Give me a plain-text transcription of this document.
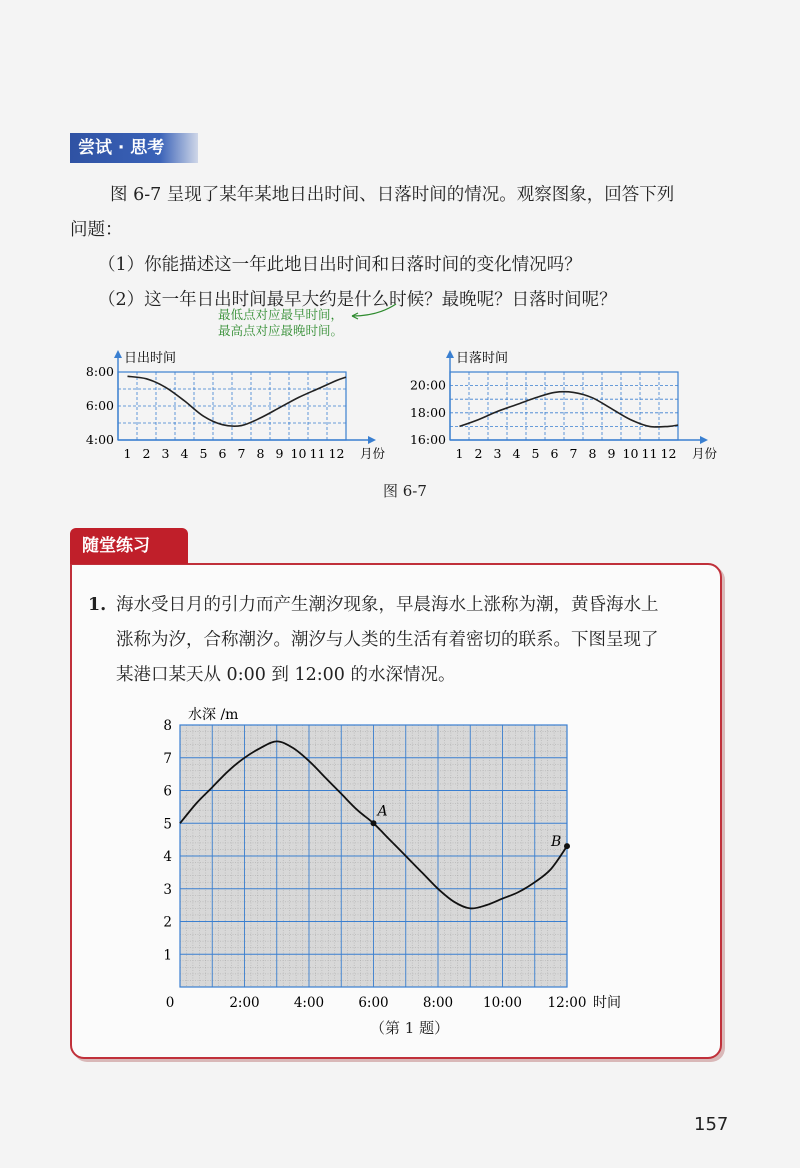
尝试 · 思考
图 6-7 呈现了某年某地日出时间、日落时间的情况。观察图象，回答下列
问题：
（1）你能描述这一年此地日出时间和日落时间的变化情况吗？
（2）这一年日出时间最早大约是什么时候？最晚呢？日落时间呢？
最低点对应最早时间，
最高点对应最晚时间。
日出时间
4:00
6:00
8:00
1 2 3 4 5 6 7 8 9 10 11 12 月份
日落时间
16:00
18:00
20:00
1 2 3 4 5 6 7 8 9 10 11 12 月份
图 6-7
随堂练习
1. 海水受日月的引力而产生潮汐现象，早晨海水上涨称为潮，黄昏海水上
涨称为汐，合称潮汐。潮汐与人类的生活有着密切的联系。下图呈现了
某港口某天从 0:00 到 12:00 的水深情况。
水深 /m
1
2
3
4
5
6
7
8
0	2:00	4:00	6:00	8:00 10:00 12:00 时间
A
B
（第 1 题）
157
